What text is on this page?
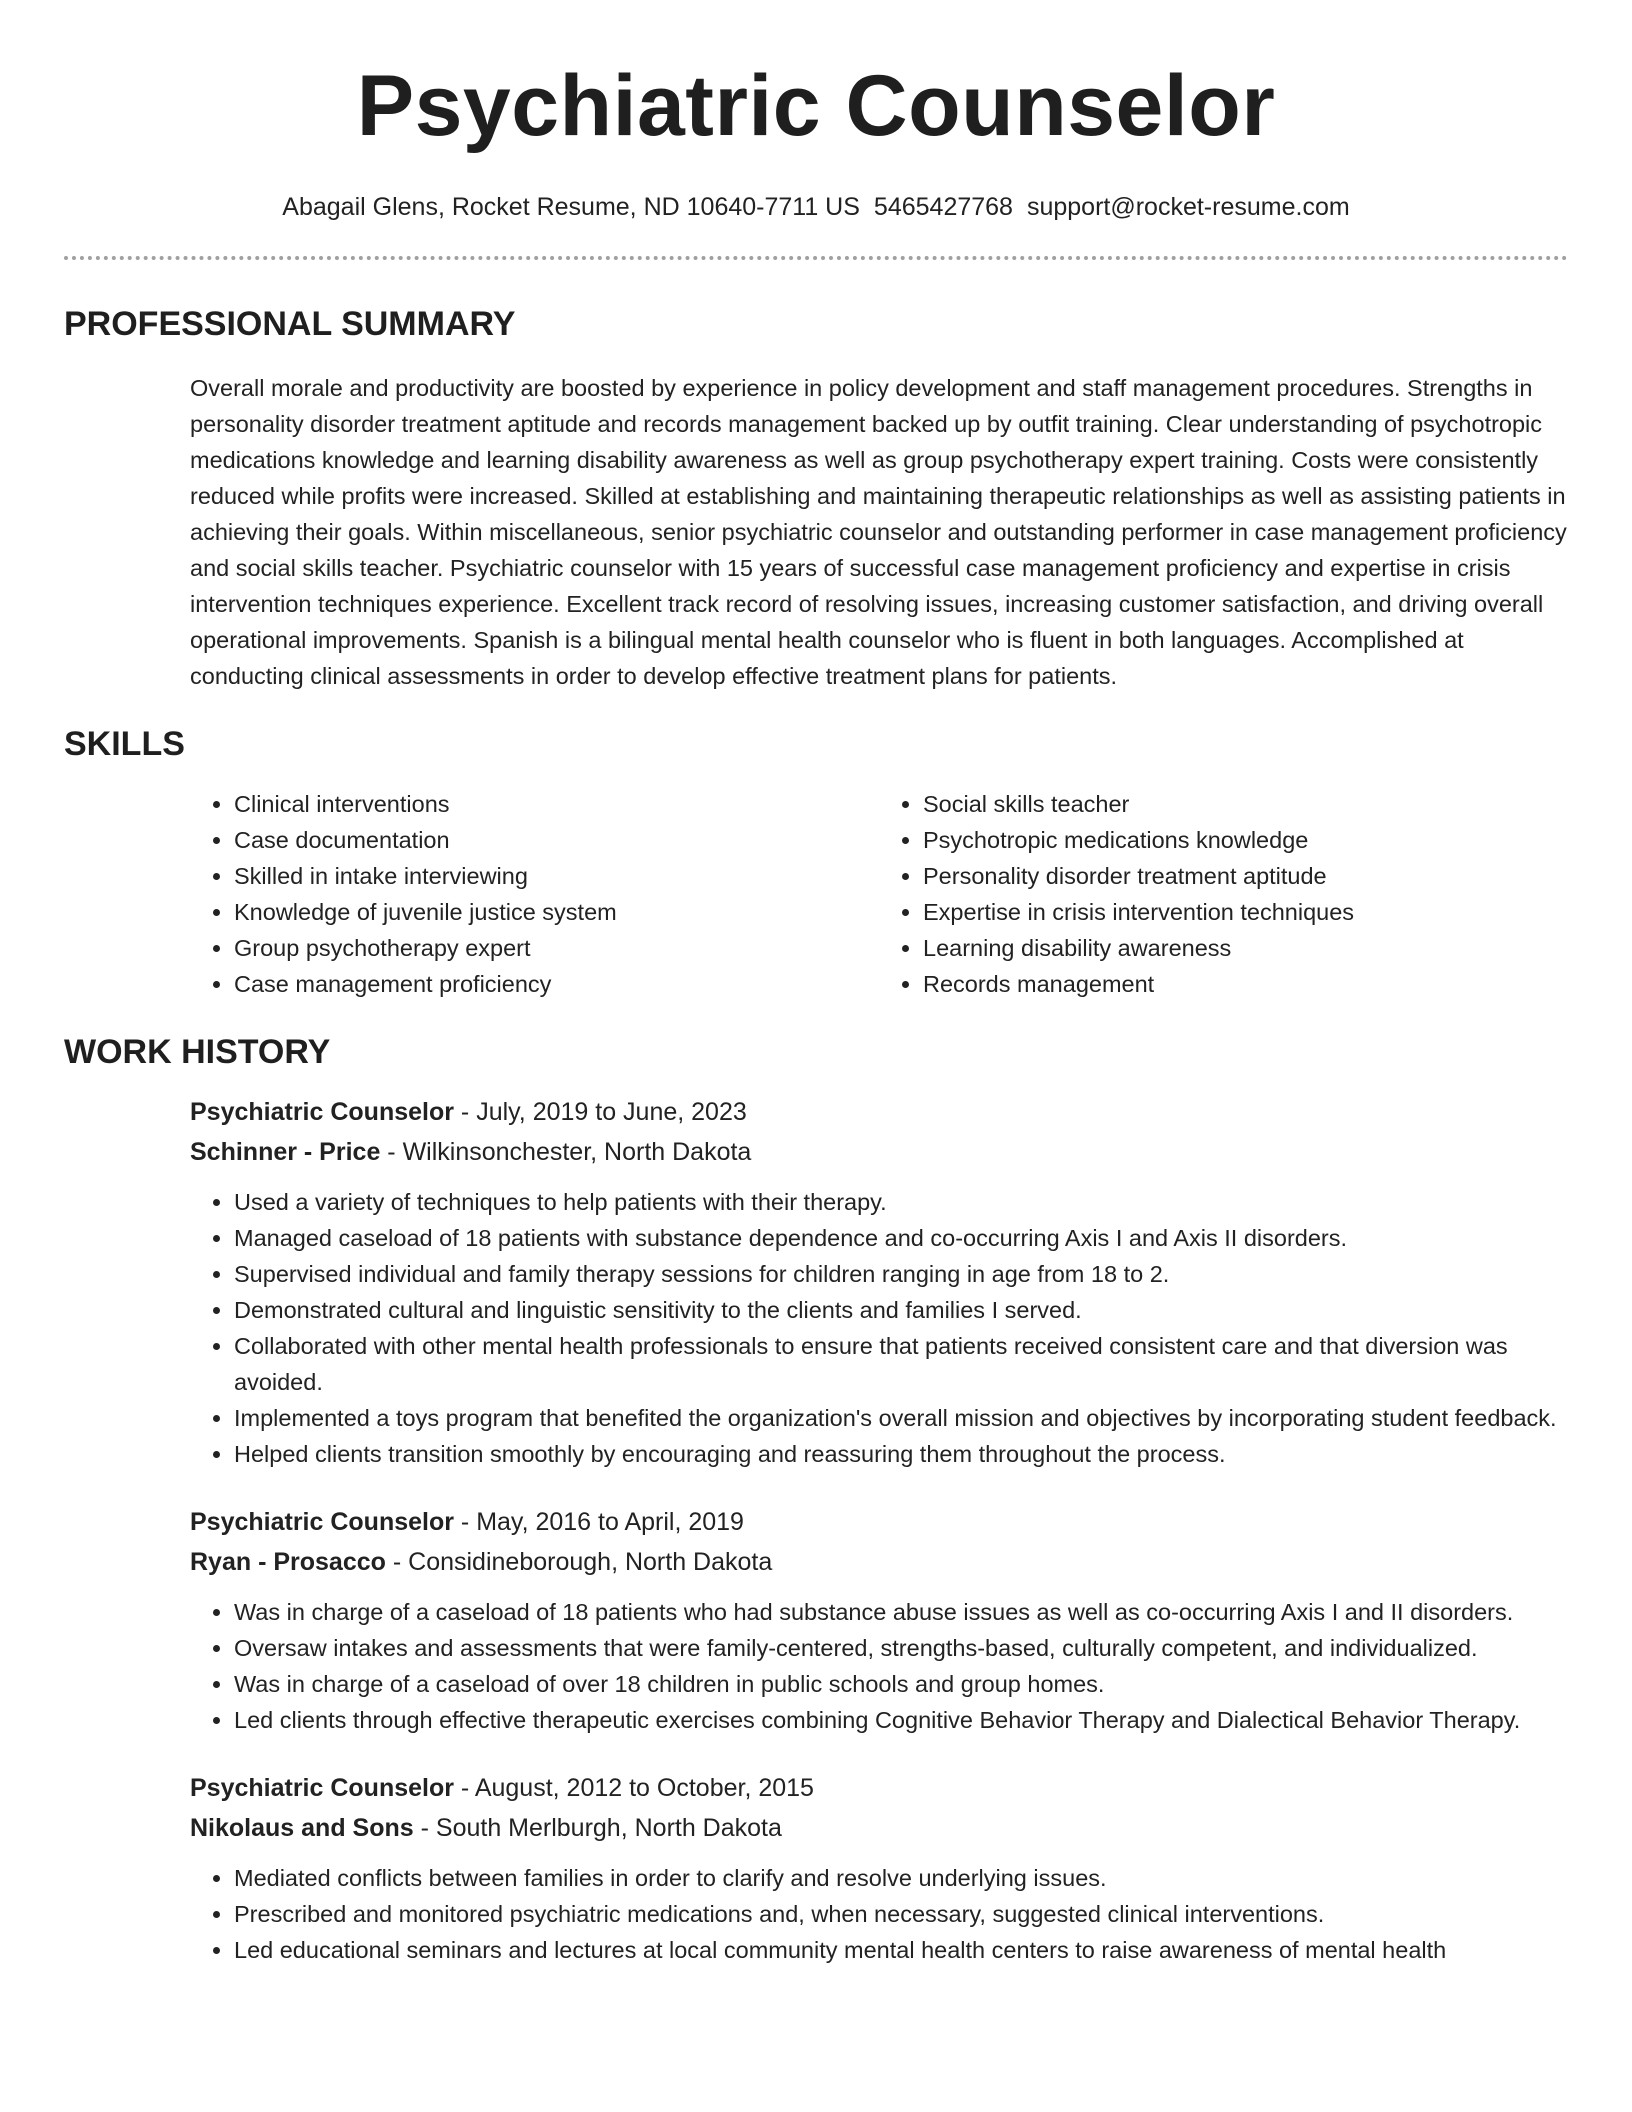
Psychiatric Counselor
Abagail Glens, Rocket Resume, ND 10640-7711 US 5465427768 support@rocket-resume.com
PROFESSIONAL SUMMARY
Overall morale and productivity are boosted by experience in policy development and staff management procedures. Strengths in personality disorder treatment aptitude and records management backed up by outfit training. Clear understanding of psychotropic medications knowledge and learning disability awareness as well as group psychotherapy expert training. Costs were consistently reduced while profits were increased. Skilled at establishing and maintaining therapeutic relationships as well as assisting patients in achieving their goals. Within miscellaneous, senior psychiatric counselor and outstanding performer in case management proficiency and social skills teacher. Psychiatric counselor with 15 years of successful case management proficiency and expertise in crisis intervention techniques experience. Excellent track record of resolving issues, increasing customer satisfaction, and driving overall operational improvements. Spanish is a bilingual mental health counselor who is fluent in both languages. Accomplished at conducting clinical assessments in order to develop effective treatment plans for patients.
SKILLS
• Clinical interventions
• Case documentation
• Skilled in intake interviewing
• Knowledge of juvenile justice system
• Group psychotherapy expert
• Case management proficiency
• Social skills teacher
• Psychotropic medications knowledge
• Personality disorder treatment aptitude
• Expertise in crisis intervention techniques
• Learning disability awareness
• Records management
WORK HISTORY
Psychiatric Counselor - July, 2019 to June, 2023
Schinner - Price - Wilkinsonchester, North Dakota
• Used a variety of techniques to help patients with their therapy.
• Managed caseload of 18 patients with substance dependence and co-occurring Axis I and Axis II disorders.
• Supervised individual and family therapy sessions for children ranging in age from 18 to 2.
• Demonstrated cultural and linguistic sensitivity to the clients and families I served.
• Collaborated with other mental health professionals to ensure that patients received consistent care and that diversion was avoided.
• Implemented a toys program that benefited the organization's overall mission and objectives by incorporating student feedback.
• Helped clients transition smoothly by encouraging and reassuring them throughout the process.
Psychiatric Counselor - May, 2016 to April, 2019
Ryan - Prosacco - Considineborough, North Dakota
• Was in charge of a caseload of 18 patients who had substance abuse issues as well as co-occurring Axis I and II disorders.
• Oversaw intakes and assessments that were family-centered, strengths-based, culturally competent, and individualized.
• Was in charge of a caseload of over 18 children in public schools and group homes.
• Led clients through effective therapeutic exercises combining Cognitive Behavior Therapy and Dialectical Behavior Therapy.
Psychiatric Counselor - August, 2012 to October, 2015
Nikolaus and Sons - South Merlburgh, North Dakota
• Mediated conflicts between families in order to clarify and resolve underlying issues.
• Prescribed and monitored psychiatric medications and, when necessary, suggested clinical interventions.
• Led educational seminars and lectures at local community mental health centers to raise awareness of mental health
